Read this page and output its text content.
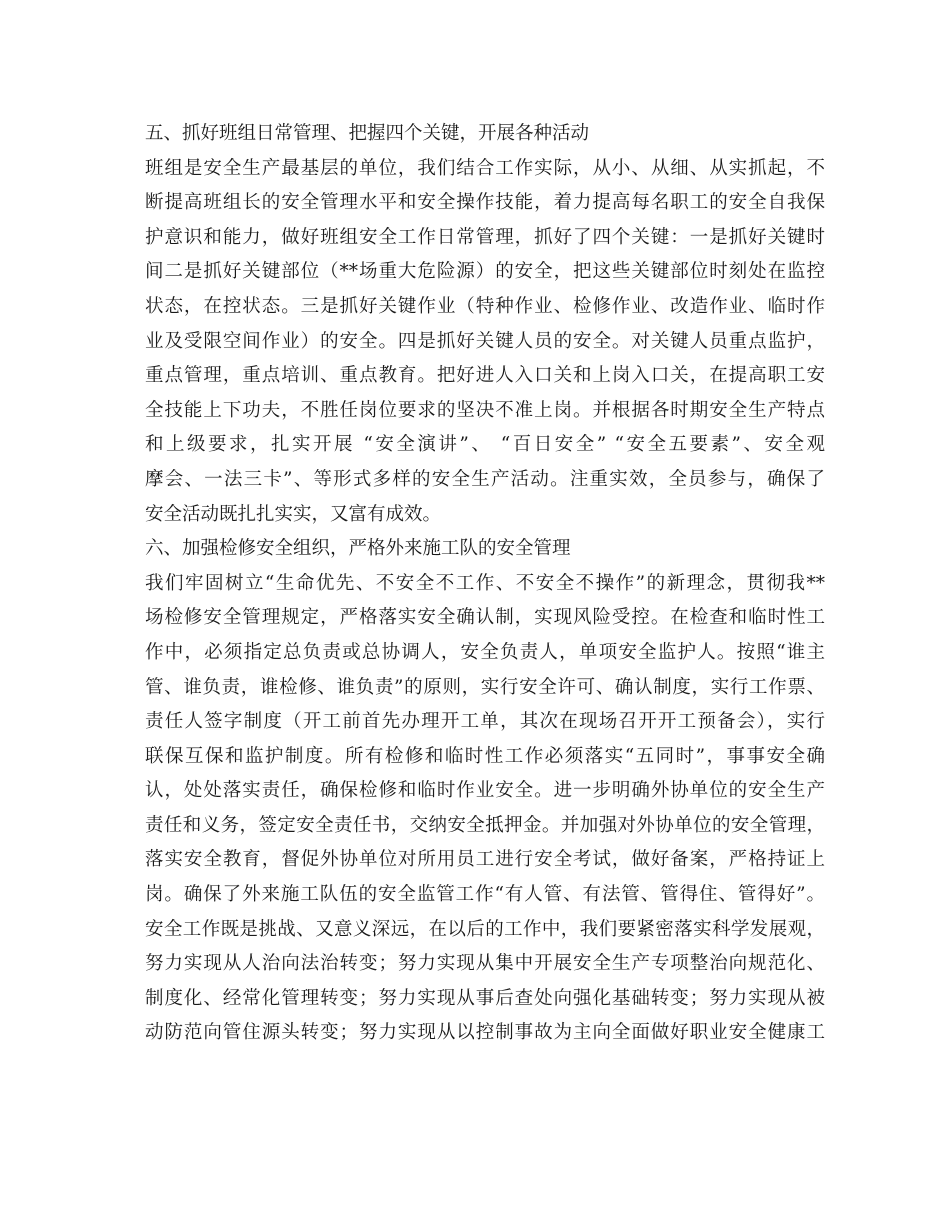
五、抓好班组日常管理、把握四个关键，开展各种活动
班组是安全生产最基层的单位，我们结合工作实际，从小、从细、从实抓起，不
断提高班组长的安全管理水平和安全操作技能，着力提高每名职工的安全自我保
护意识和能力，做好班组安全工作日常管理，抓好了四个关键：一是抓好关键时
间二是抓好关键部位（**场重大危险源）的安全，把这些关键部位时刻处在监控
状态，在控状态。三是抓好关键作业（特种作业、检修作业、改造作业、临时作
业及受限空间作业）的安全。四是抓好关键人员的安全。对关键人员重点监护，
重点管理，重点培训、重点教育。把好进人入口关和上岗入口关，在提高职工安
全技能上下功夫，不胜任岗位要求的坚决不准上岗。并根据各时期安全生产特点
和上级要求，扎实开展 “安全演讲”、 “百日安全” “安全五要素”、安全观
摩会、一法三卡”、等形式多样的安全生产活动。注重实效，全员参与，确保了
安全活动既扎扎实实，又富有成效。
六、加强检修安全组织，严格外来施工队的安全管理
我们牢固树立“生命优先、不安全不工作、不安全不操作”的新理念，贯彻我**
场检修安全管理规定，严格落实安全确认制，实现风险受控。在检查和临时性工
作中，必须指定总负责或总协调人，安全负责人，单项安全监护人。按照“谁主
管、谁负责，谁检修、谁负责”的原则，实行安全许可、确认制度，实行工作票、
责任人签字制度（开工前首先办理开工单，其次在现场召开开工预备会），实行
联保互保和监护制度。所有检修和临时性工作必须落实“五同时”，事事安全确
认，处处落实责任，确保检修和临时作业安全。进一步明确外协单位的安全生产
责任和义务，签定安全责任书，交纳安全抵押金。并加强对外协单位的安全管理，
落实安全教育，督促外协单位对所用员工进行安全考试，做好备案，严格持证上
岗。确保了外来施工队伍的安全监管工作“有人管、有法管、管得住、管得好”。
安全工作既是挑战、又意义深远，在以后的工作中，我们要紧密落实科学发展观，
努力实现从人治向法治转变；努力实现从集中开展安全生产专项整治向规范化、
制度化、经常化管理转变；努力实现从事后查处向强化基础转变；努力实现从被
动防范向管住源头转变；努力实现从以控制事故为主向全面做好职业安全健康工
